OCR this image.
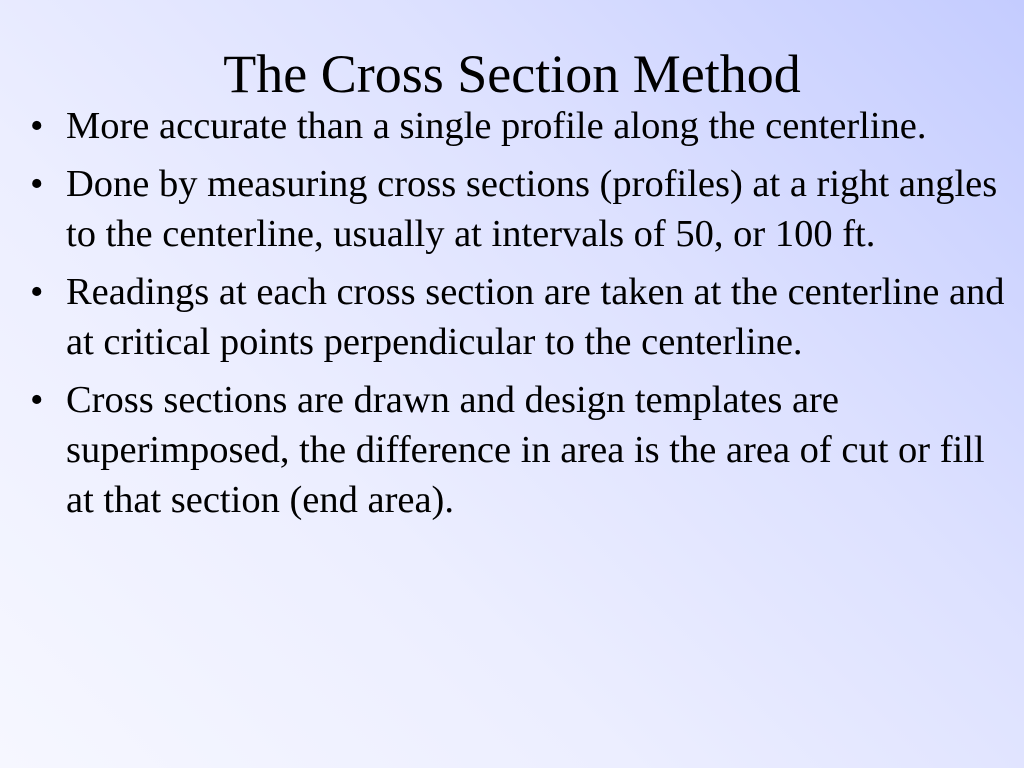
The Cross Section Method
• More accurate than a single profile along the centerline.
• Done by measuring cross sections (profiles) at a right angles to the centerline, usually at intervals of 50, or 100 ft.
• Readings at each cross section are taken at the centerline and at critical points perpendicular to the centerline.
• Cross sections are drawn and design templates are superimposed, the difference in area is the area of cut or fill at that section (end area).
